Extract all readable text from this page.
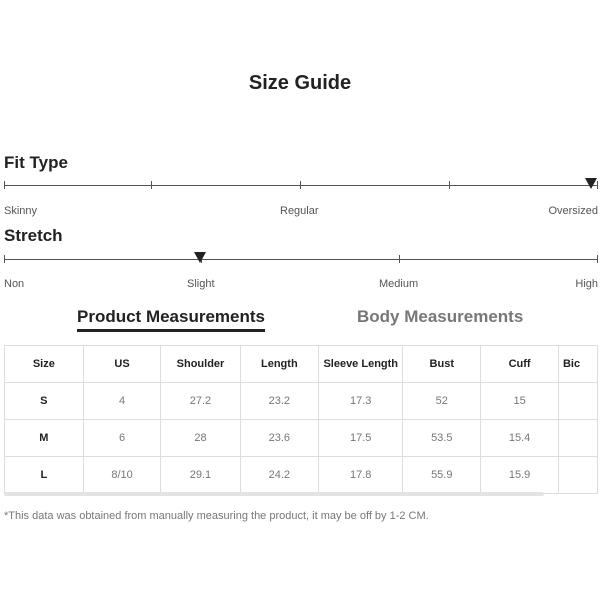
Size Guide
Fit Type
Skinny	Regular	Oversized
Stretch
Non	Slight	Medium	High
Product Measurements	Body Measurements
Size	US	Shoulder	Length	Sleeve Length	Bust	Cuff	Bic
S	4	27.2	23.2	17.3	52	15	
M	6	28	23.6	17.5	53.5	15.4	
L	8/10	29.1	24.2	17.8	55.9	15.9	
*This data was obtained from manually measuring the product, it may be off by 1-2 CM.
